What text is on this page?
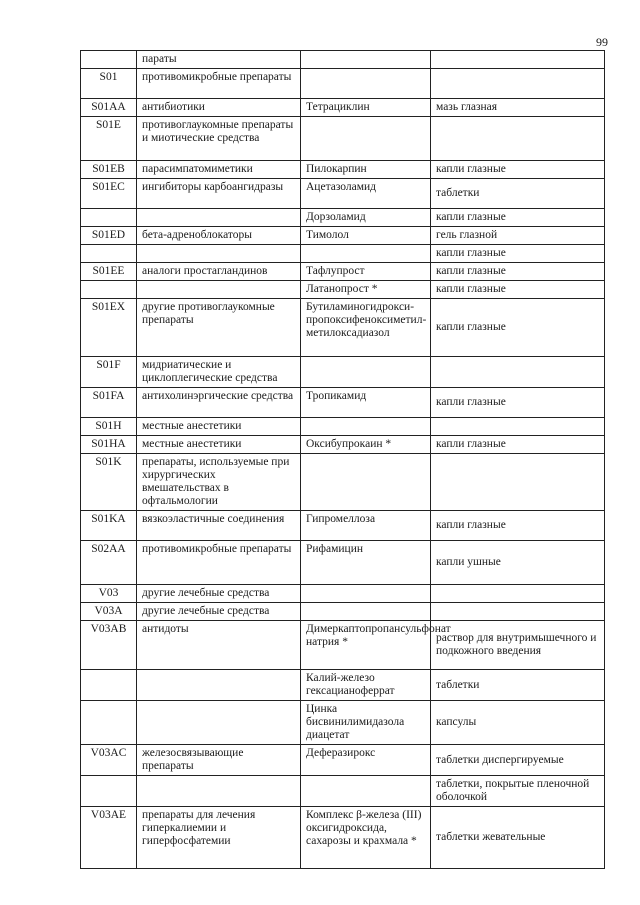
99
	параты		
S01	противомикробные препараты		
S01AA	антибиотики	Тетрациклин	мазь глазная
S01E	противоглаукомные препараты и миотические средства		
S01EB	парасимпатомиметики	Пилокарпин	капли глазные
S01EC	ингибиторы карбоангидразы	Ацетазоламид	таблетки
		Дорзоламид	капли глазные
S01ED	бета-адреноблокаторы	Тимолол	гель глазной
			капли глазные
S01EE	аналоги простагландинов	Тафлупрост	капли глазные
		Латанопрост *	капли глазные
S01EX	другие противоглаукомные препараты	Бутиламиногидрокси-пропоксифеноксиметил-метилоксадиазол	капли глазные
S01F	мидриатические и циклоплегические средства		
S01FA	антихолинэргические средства	Тропикамид	капли глазные
S01H	местные анестетики		
S01HA	местные анестетики	Оксибупрокаин *	капли глазные
S01K	препараты, используемые при хирургических вмешательствах в офтальмологии		
S01KA	вязкоэластичные соединения	Гипромеллоза	капли глазные
S02AA	противомикробные препараты	Рифамицин	капли ушные
V03	другие лечебные средства		
V03A	другие лечебные средства		
V03AB	антидоты	Димеркаптопропансульфонат натрия *	раствор для внутримышечного и подкожного введения
		Калий-железо гексацианоферрат	таблетки
		Цинка бисвинилимидазола диацетат	капсулы
V03AC	железосвязывающие препараты	Деферазирокс	таблетки диспергируемые
			таблетки, покрытые пленочной оболочкой
V03AE	препараты для лечения гиперкалиемии и гиперфосфатемии	Комплекс β-железа (III) оксигидроксида, сахарозы и крахмала *	таблетки жевательные
